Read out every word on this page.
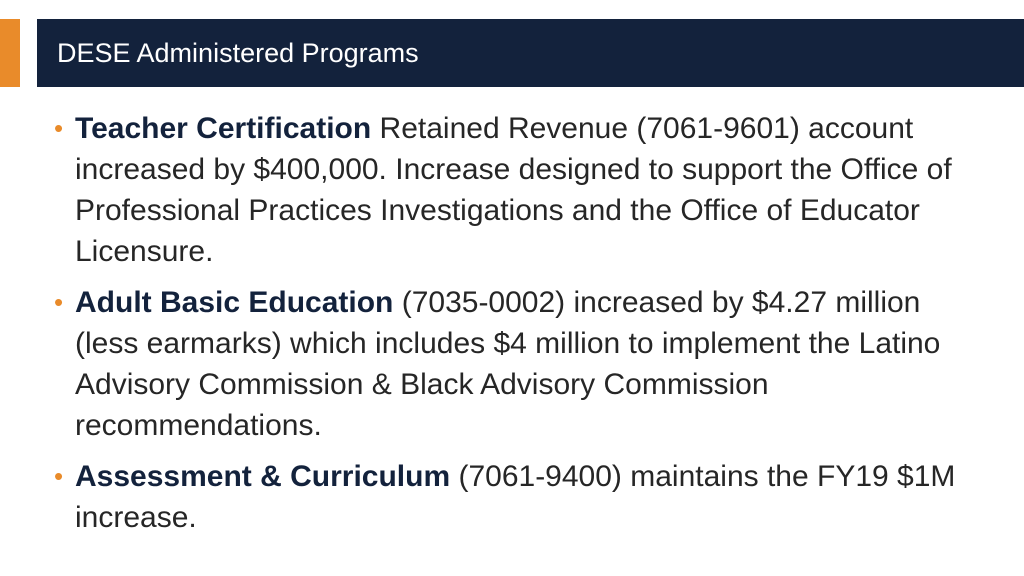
DESE Administered Programs
• Teacher Certification Retained Revenue (7061-9601) account increased by $400,000. Increase designed to support the Office of Professional Practices Investigations and the Office of Educator Licensure.
• Adult Basic Education (7035-0002) increased by $4.27 million (less earmarks) which includes $4 million to implement the Latino Advisory Commission & Black Advisory Commission recommendations.
• Assessment & Curriculum (7061-9400) maintains the FY19 $1M increase.
